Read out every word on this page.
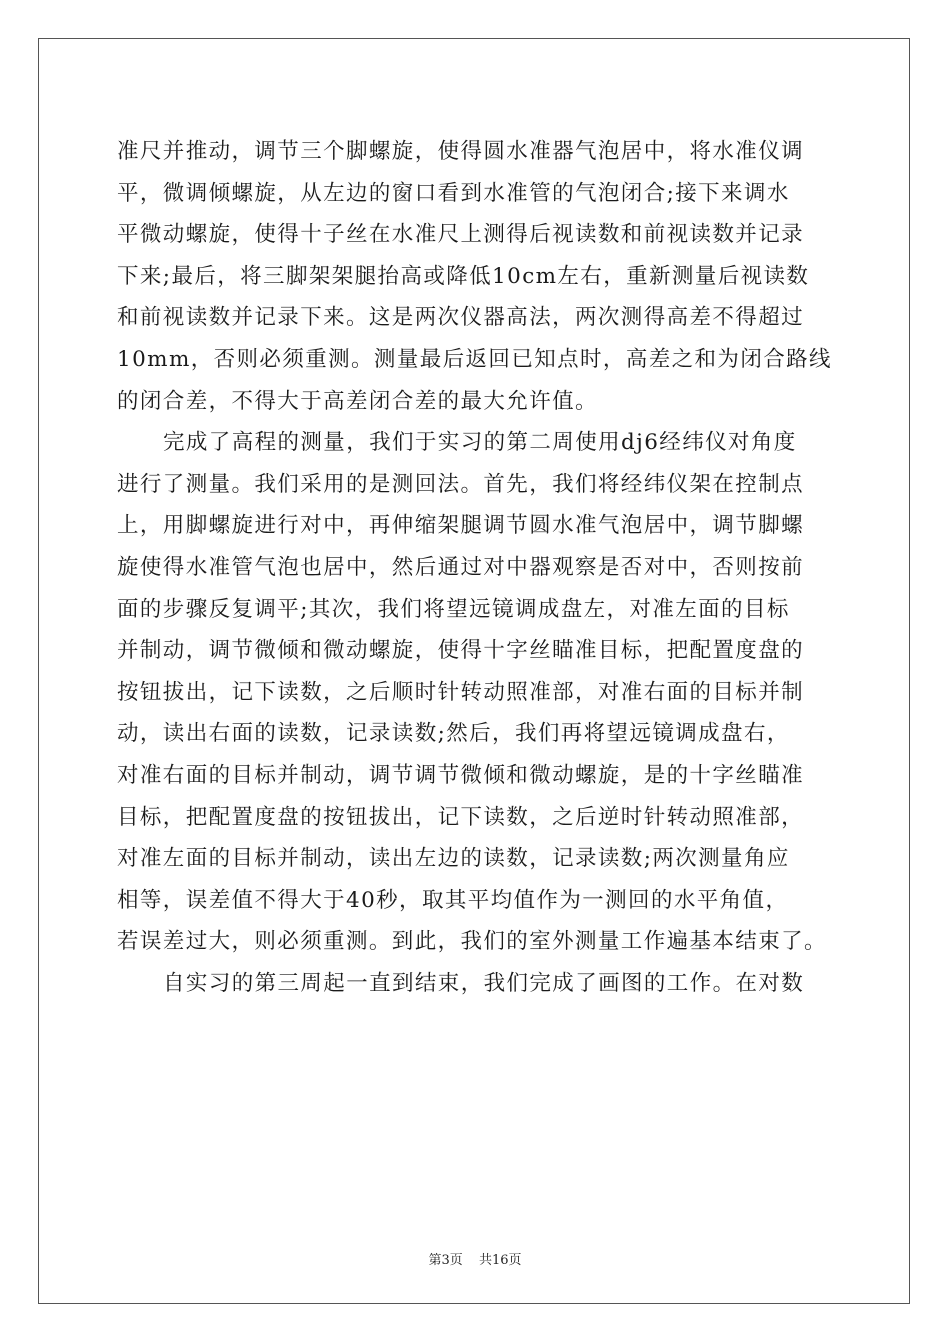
准尺并推动，调节三个脚螺旋，使得圆水准器气泡居中，将水准仪调
平，微调倾螺旋，从左边的窗口看到水准管的气泡闭合;接下来调水
平微动螺旋，使得十子丝在水准尺上测得后视读数和前视读数并记录
下来;最后，将三脚架架腿抬高或降低10cm左右，重新测量后视读数
和前视读数并记录下来。这是两次仪器高法，两次测得高差不得超过
10mm，否则必须重测。测量最后返回已知点时，高差之和为闭合路线
的闭合差，不得大于高差闭合差的最大允许值。
完成了高程的测量，我们于实习的第二周使用dj6经纬仪对角度
进行了测量。我们采用的是测回法。首先，我们将经纬仪架在控制点
上，用脚螺旋进行对中，再伸缩架腿调节圆水准气泡居中，调节脚螺
旋使得水准管气泡也居中，然后通过对中器观察是否对中，否则按前
面的步骤反复调平;其次，我们将望远镜调成盘左，对准左面的目标
并制动，调节微倾和微动螺旋，使得十字丝瞄准目标，把配置度盘的
按钮拔出，记下读数，之后顺时针转动照准部，对准右面的目标并制
动，读出右面的读数，记录读数;然后，我们再将望远镜调成盘右，
对准右面的目标并制动，调节调节微倾和微动螺旋，是的十字丝瞄准
目标，把配置度盘的按钮拔出，记下读数，之后逆时针转动照准部，
对准左面的目标并制动，读出左边的读数，记录读数;两次测量角应
相等，误差值不得大于40秒，取其平均值作为一测回的水平角值，
若误差过大，则必须重测。到此，我们的室外测量工作遍基本结束了。
自实习的第三周起一直到结束，我们完成了画图的工作。在对数
第3页 共16页
